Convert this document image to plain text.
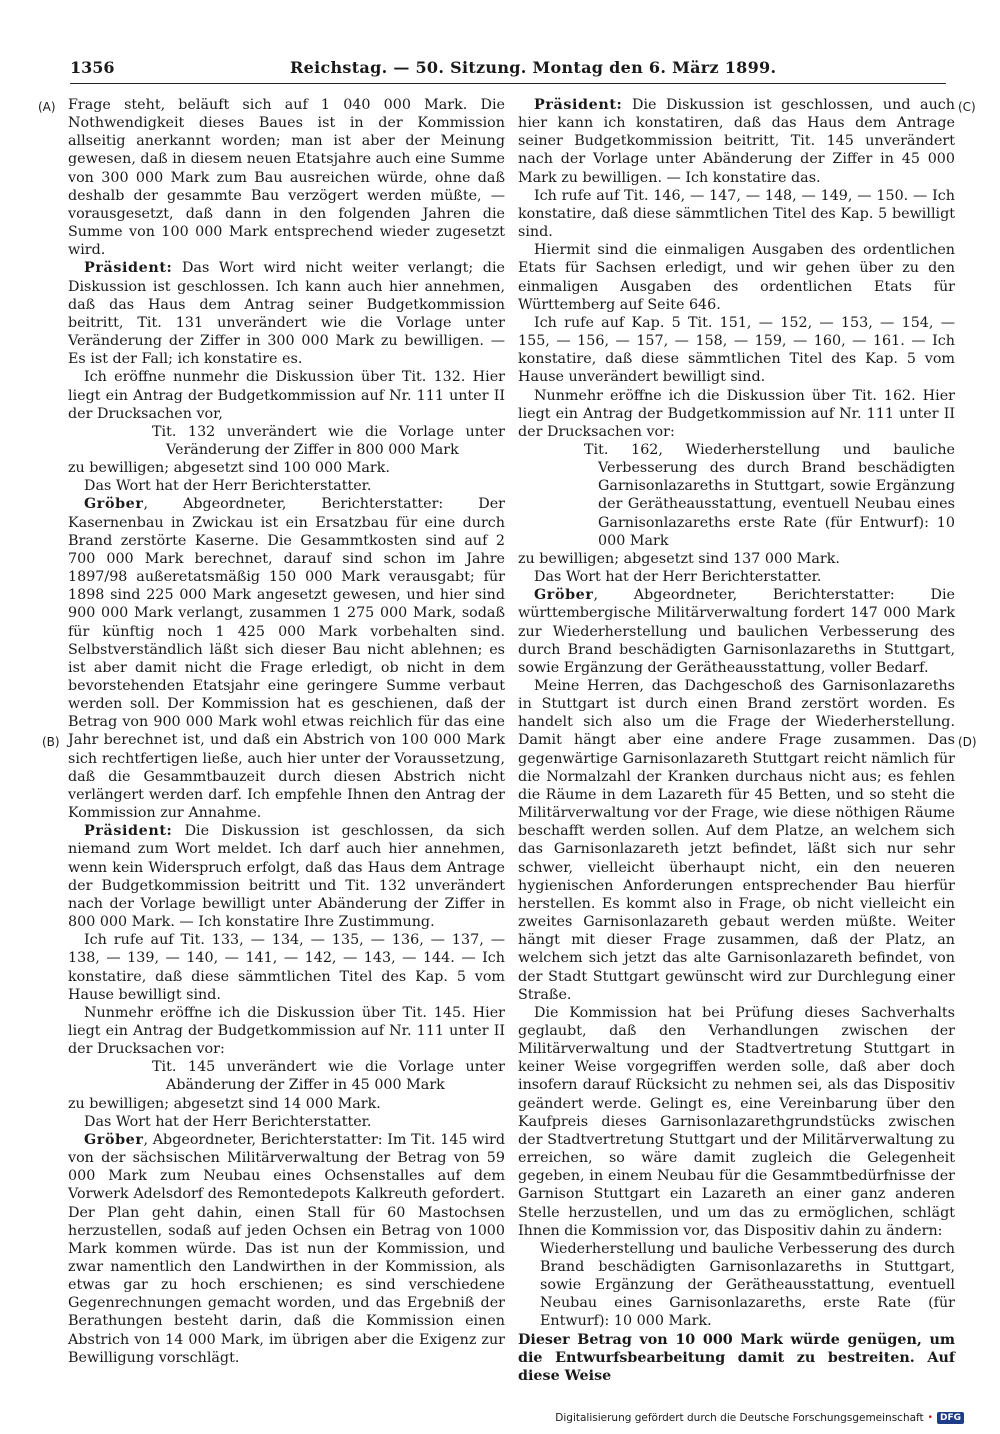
1356	Reichstag. — 50. Sitzung. Montag den 6. März 1899.
(A)
(B)
(C)
(D)

Frage steht, beläuft sich auf 1 040 000 Mark. Die Nothwendigkeit dieses Baues ist in der Kommission allseitig anerkannt worden; man ist aber der Meinung gewesen, daß in diesem neuen Etatsjahre auch eine Summe von 300 000 Mark zum Bau ausreichen würde, ohne daß deshalb der gesammte Bau verzögert werden müßte, — vorausgesetzt, daß dann in den folgenden Jahren die Summe von 100 000 Mark entsprechend wieder zugesetzt wird.

Präsident: Das Wort wird nicht weiter verlangt; die Diskussion ist geschlossen. Ich kann auch hier annehmen, daß das Haus dem Antrag seiner Budgetkommission beitritt, Tit. 131 unverändert wie die Vorlage unter Veränderung der Ziffer in 300 000 Mark zu bewilligen. — Es ist der Fall; ich konstatire es.

Ich eröffne nunmehr die Diskussion über Tit. 132. Hier liegt ein Antrag der Budgetkommission auf Nr. 111 unter II der Drucksachen vor,

Tit. 132 unverändert wie die Vorlage unter Veränderung der Ziffer in 800 000 Mark

zu bewilligen; abgesetzt sind 100 000 Mark.

Das Wort hat der Herr Berichterstatter.

Gröber, Abgeordneter, Berichterstatter: Der Kasernenbau in Zwickau ist ein Ersatzbau für eine durch Brand zerstörte Kaserne. Die Gesammtkosten sind auf 2 700 000 Mark berechnet, darauf sind schon im Jahre 1897/98 außeretatsmäßig 150 000 Mark verausgabt; für 1898 sind 225 000 Mark angesetzt gewesen, und hier sind 900 000 Mark verlangt, zusammen 1 275 000 Mark, sodaß für künftig noch 1 425 000 Mark vorbehalten sind. Selbstverständlich läßt sich dieser Bau nicht ablehnen; es ist aber damit nicht die Frage erledigt, ob nicht in dem bevorstehenden Etatsjahr eine geringere Summe verbaut werden soll. Der Kommission hat es geschienen, daß der Betrag von 900 000 Mark wohl etwas reichlich für das eine Jahr berechnet ist, und daß ein Abstrich von 100 000 Mark sich rechtfertigen ließe, auch hier unter der Voraussetzung, daß die Gesammtbauzeit durch diesen Abstrich nicht verlängert werden darf. Ich empfehle Ihnen den Antrag der Kommission zur Annahme.

Präsident: Die Diskussion ist geschlossen, da sich niemand zum Wort meldet. Ich darf auch hier annehmen, wenn kein Widerspruch erfolgt, daß das Haus dem Antrage der Budgetkommission beitritt und Tit. 132 unverändert nach der Vorlage bewilligt unter Abänderung der Ziffer in 800 000 Mark. — Ich konstatire Ihre Zustimmung.

Ich rufe auf Tit. 133, — 134, — 135, — 136, — 137, — 138, — 139, — 140, — 141, — 142, — 143, — 144. — Ich konstatire, daß diese sämmtlichen Titel des Kap. 5 vom Hause bewilligt sind.

Nunmehr eröffne ich die Diskussion über Tit. 145. Hier liegt ein Antrag der Budgetkommission auf Nr. 111 unter II der Drucksachen vor:

Tit. 145 unverändert wie die Vorlage unter Abänderung der Ziffer in 45 000 Mark

zu bewilligen; abgesetzt sind 14 000 Mark.

Das Wort hat der Herr Berichterstatter.

Gröber, Abgeordneter, Berichterstatter: Im Tit. 145 wird von der sächsischen Militärverwaltung der Betrag von 59 000 Mark zum Neubau eines Ochsenstalles auf dem Vorwerk Adelsdorf des Remontedepots Kalkreuth gefordert. Der Plan geht dahin, einen Stall für 60 Mastochsen herzustellen, sodaß auf jeden Ochsen ein Betrag von 1000 Mark kommen würde. Das ist nun der Kommission, und zwar namentlich den Landwirthen in der Kommission, als etwas gar zu hoch erschienen; es sind verschiedene Gegenrechnungen gemacht worden, und das Ergebniß der Berathungen besteht darin, daß die Kommission einen Abstrich von 14 000 Mark, im übrigen aber die Exigenz zur Bewilligung vorschlägt.

Präsident: Die Diskussion ist geschlossen, und auch hier kann ich konstatiren, daß das Haus dem Antrage seiner Budgetkommission beitritt, Tit. 145 unverändert nach der Vorlage unter Abänderung der Ziffer in 45 000 Mark zu bewilligen. — Ich konstatire das.

Ich rufe auf Tit. 146, — 147, — 148, — 149, — 150. — Ich konstatire, daß diese sämmtlichen Titel des Kap. 5 bewilligt sind.

Hiermit sind die einmaligen Ausgaben des ordentlichen Etats für Sachsen erledigt, und wir gehen über zu den einmaligen Ausgaben des ordentlichen Etats für Württemberg auf Seite 646.

Ich rufe auf Kap. 5 Tit. 151, — 152, — 153, — 154, — 155, — 156, — 157, — 158, — 159, — 160, — 161. — Ich konstatire, daß diese sämmtlichen Titel des Kap. 5 vom Hause unverändert bewilligt sind.

Nunmehr eröffne ich die Diskussion über Tit. 162. Hier liegt ein Antrag der Budgetkommission auf Nr. 111 unter II der Drucksachen vor:

Tit. 162, Wiederherstellung und bauliche Verbesserung des durch Brand beschädigten Garnisonlazareths in Stuttgart, sowie Ergänzung der Gerätheausstattung, eventuell Neubau eines Garnisonlazareths erste Rate (für Entwurf): 10 000 Mark

zu bewilligen; abgesetzt sind 137 000 Mark.

Das Wort hat der Herr Berichterstatter.

Gröber, Abgeordneter, Berichterstatter: Die württembergische Militärverwaltung fordert 147 000 Mark zur Wiederherstellung und baulichen Verbesserung des durch Brand beschädigten Garnisonlazareths in Stuttgart, sowie Ergänzung der Gerätheausstattung, voller Bedarf.

Meine Herren, das Dachgeschoß des Garnisonlazareths in Stuttgart ist durch einen Brand zerstört worden. Es handelt sich also um die Frage der Wiederherstellung. Damit hängt aber eine andere Frage zusammen. Das gegenwärtige Garnisonlazareth Stuttgart reicht nämlich für die Normalzahl der Kranken durchaus nicht aus; es fehlen die Räume in dem Lazareth für 45 Betten, und so steht die Militärverwaltung vor der Frage, wie diese nöthigen Räume beschafft werden sollen. Auf dem Platze, an welchem sich das Garnisonlazareth jetzt befindet, läßt sich nur sehr schwer, vielleicht überhaupt nicht, ein den neueren hygienischen Anforderungen entsprechender Bau hierfür herstellen. Es kommt also in Frage, ob nicht vielleicht ein zweites Garnisonlazareth gebaut werden müßte. Weiter hängt mit dieser Frage zusammen, daß der Platz, an welchem sich jetzt das alte Garnisonlazareth befindet, von der Stadt Stuttgart gewünscht wird zur Durchlegung einer Straße.

Die Kommission hat bei Prüfung dieses Sachverhalts geglaubt, daß den Verhandlungen zwischen der Militärverwaltung und der Stadtvertretung Stuttgart in keiner Weise vorgegriffen werden solle, daß aber doch insofern darauf Rücksicht zu nehmen sei, als das Dispositiv geändert werde. Gelingt es, eine Vereinbarung über den Kaufpreis dieses Garnisonlazarethgrundstücks zwischen der Stadtvertretung Stuttgart und der Militärverwaltung zu erreichen, so wäre damit zugleich die Gelegenheit gegeben, in einem Neubau für die Gesammtbedürfnisse der Garnison Stuttgart ein Lazareth an einer ganz anderen Stelle herzustellen, und um das zu ermöglichen, schlägt Ihnen die Kommission vor, das Dispositiv dahin zu ändern:

Wiederherstellung und bauliche Verbesserung des durch Brand beschädigten Garnisonlazareths in Stuttgart, sowie Ergänzung der Gerätheausstattung, eventuell Neubau eines Garnisonlazareths, erste Rate (für Entwurf): 10 000 Mark.

Dieser Betrag von 10 000 Mark würde genügen, um die Entwurfsbearbeitung damit zu bestreiten. Auf diese Weise

Digitalisierung gefördert durch die Deutsche Forschungsgemeinschaft • DFG
